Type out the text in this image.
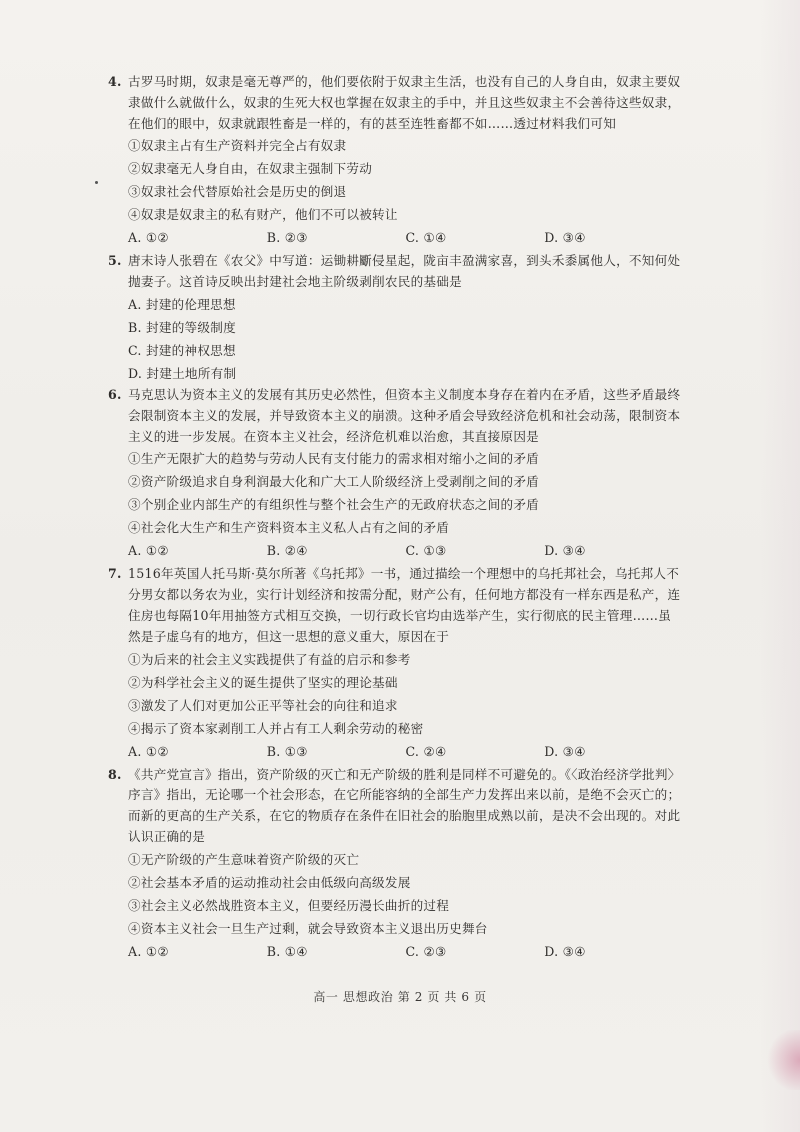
4. 古罗马时期，奴隶是毫无尊严的，他们要依附于奴隶主生活，也没有自己的人身自由，奴隶主要奴隶做什么就做什么，奴隶的生死大权也掌握在奴隶主的手中，并且这些奴隶主不会善待这些奴隶，在他们的眼中，奴隶就跟牲畜是一样的，有的甚至连牲畜都不如……透过材料我们可知

①奴隶主占有生产资料并完全占有奴隶

②奴隶毫无人身自由，在奴隶主强制下劳动

③奴隶社会代替原始社会是历史的倒退

④奴隶是奴隶主的私有财产，他们不可以被转让

A. ①②	B. ②③	C. ①④	D. ③④

5. 唐末诗人张碧在《农父》中写道：运锄耕斸侵星起，陇亩丰盈满家喜，到头禾黍属他人，不知何处抛妻子。这首诗反映出封建社会地主阶级剥削农民的基础是

A. 封建的伦理思想
B. 封建的等级制度
C. 封建的神权思想
D. 封建土地所有制

6. 马克思认为资本主义的发展有其历史必然性，但资本主义制度本身存在着内在矛盾，这些矛盾最终会限制资本主义的发展，并导致资本主义的崩溃。这种矛盾会导致经济危机和社会动荡，限制资本主义的进一步发展。在资本主义社会，经济危机难以治愈，其直接原因是

①生产无限扩大的趋势与劳动人民有支付能力的需求相对缩小之间的矛盾

②资产阶级追求自身利润最大化和广大工人阶级经济上受剥削之间的矛盾

③个别企业内部生产的有组织性与整个社会生产的无政府状态之间的矛盾

④社会化大生产和生产资料资本主义私人占有之间的矛盾

A. ①②	B. ②④	C. ①③	D. ③④

7. 1516年英国人托马斯·莫尔所著《乌托邦》一书，通过描绘一个理想中的乌托邦社会，乌托邦人不分男女都以务农为业，实行计划经济和按需分配，财产公有，任何地方都没有一样东西是私产，连住房也每隔10年用抽签方式相互交换，一切行政长官均由选举产生，实行彻底的民主管理……虽然是子虚乌有的地方，但这一思想的意义重大，原因在于

①为后来的社会主义实践提供了有益的启示和参考

②为科学社会主义的诞生提供了坚实的理论基础

③激发了人们对更加公正平等社会的向往和追求

④揭示了资本家剥削工人并占有工人剩余劳动的秘密

A. ①②	B. ①③	C. ②④	D. ③④

8. 《共产党宣言》指出，资产阶级的灭亡和无产阶级的胜利是同样不可避免的。《〈政治经济学批判〉序言》指出，无论哪一个社会形态，在它所能容纳的全部生产力发挥出来以前，是绝不会灭亡的；而新的更高的生产关系，在它的物质存在条件在旧社会的胎胞里成熟以前，是决不会出现的。对此认识正确的是

①无产阶级的产生意味着资产阶级的灭亡

②社会基本矛盾的运动推动社会由低级向高级发展

③社会主义必然战胜资本主义，但要经历漫长曲折的过程

④资本主义社会一旦生产过剩，就会导致资本主义退出历史舞台

A. ①②	B. ①④	C. ②③	D. ③④
高一 思想政治 第 2 页 共 6 页
